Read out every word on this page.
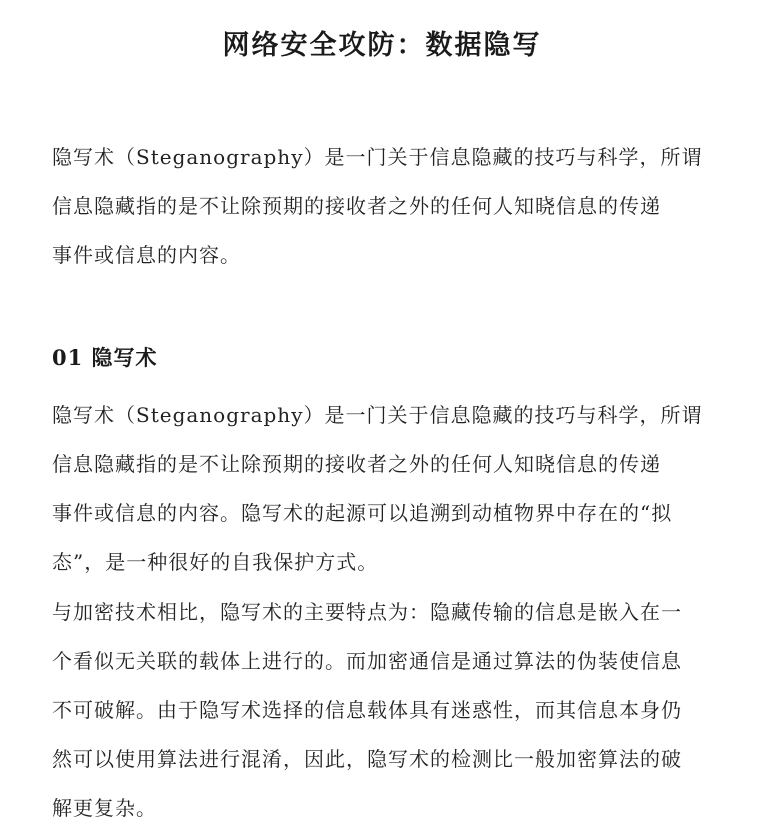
网络安全攻防：数据隐写
隐写术（Steganography）是一门关于信息隐藏的技巧与科学，所谓
信息隐藏指的是不让除预期的接收者之外的任何人知晓信息的传递
事件或信息的内容。
01 隐写术
隐写术（Steganography）是一门关于信息隐藏的技巧与科学，所谓
信息隐藏指的是不让除预期的接收者之外的任何人知晓信息的传递
事件或信息的内容。隐写术的起源可以追溯到动植物界中存在的“拟
态”，是一种很好的自我保护方式。
与加密技术相比，隐写术的主要特点为：隐藏传输的信息是嵌入在一
个看似无关联的载体上进行的。而加密通信是通过算法的伪装使信息
不可破解。由于隐写术选择的信息载体具有迷惑性，而其信息本身仍
然可以使用算法进行混淆，因此，隐写术的检测比一般加密算法的破
解更复杂。
